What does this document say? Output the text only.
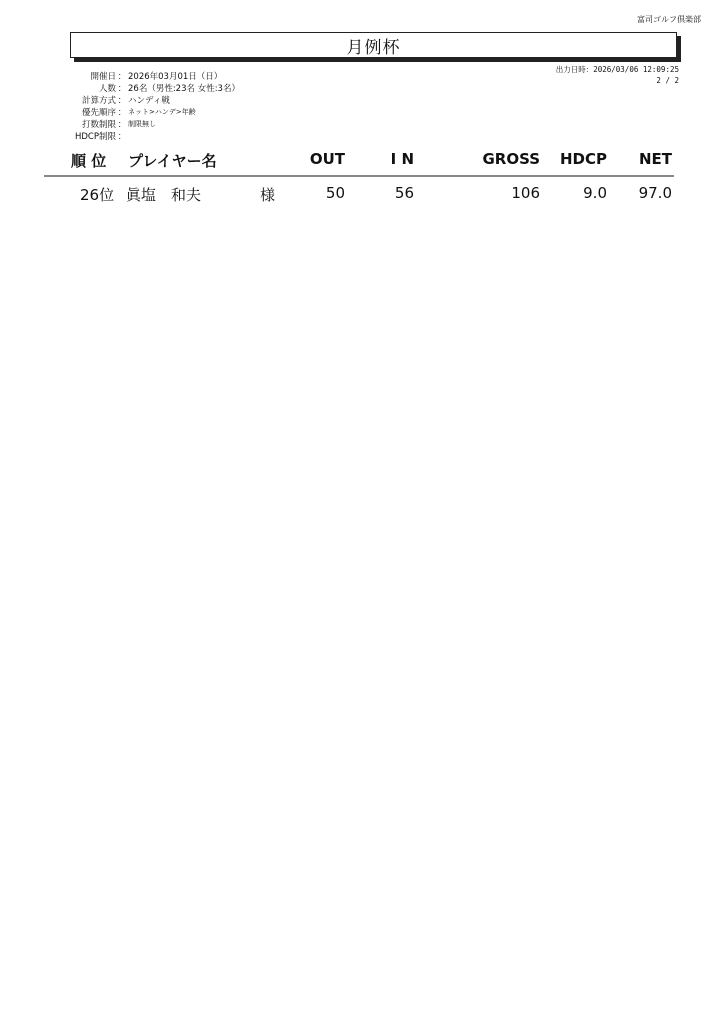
富司ゴルフ倶楽部
月例杯
出力日時：2026/03/06 12:09:25
2 / 2
開催日 ： 2026年03月01日（日）
人数 ： 26名（男性:23名 女性:3名）
計算方式 ： ハンディ戦
優先順序 ： ネット>ハンデ>年齢
打数制限 ： 制限無し
HDCP制限 ：
順 位 プレイヤー名	OUT	I N	GROSS HDCP NET
26位 眞塩　和夫	様	50	56	106	9.0 97.0
